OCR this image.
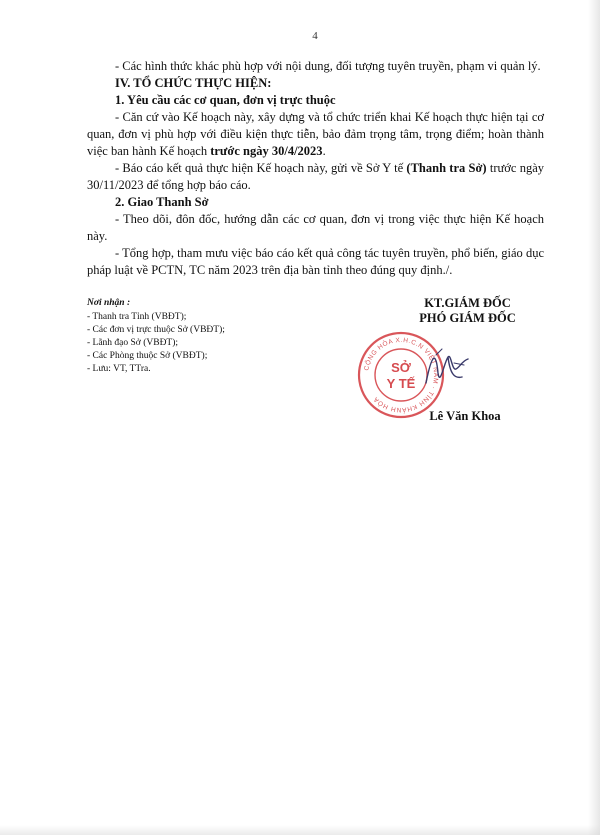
4

- Các hình thức khác phù hợp với nội dung, đối tượng tuyên truyền, phạm vi quản lý.

IV. TỔ CHỨC THỰC HIỆN:

1. Yêu cầu các cơ quan, đơn vị trực thuộc

- Căn cứ vào Kế hoạch này, xây dựng và tổ chức triển khai Kế hoạch thực hiện tại cơ quan, đơn vị phù hợp với điều kiện thực tiễn, bảo đảm trọng tâm, trọng điểm; hoàn thành việc ban hành Kế hoạch trước ngày 30/4/2023.

- Báo cáo kết quả thực hiện Kế hoạch này, gửi về Sở Y tế (Thanh tra Sở) trước ngày 30/11/2023 để tổng hợp báo cáo.

2. Giao Thanh Sở

- Theo dõi, đôn đốc, hướng dẫn các cơ quan, đơn vị trong việc thực hiện Kế hoạch này.

- Tổng hợp, tham mưu việc báo cáo kết quả công tác tuyên truyền, phổ biến, giáo dục pháp luật về PCTN, TC năm 2023 trên địa bàn tỉnh theo đúng quy định./.

Nơi nhận :
- Thanh tra Tỉnh (VBĐT);
- Các đơn vị trực thuộc Sở (VBĐT);
- Lãnh đạo Sở (VBĐT);
- Các Phòng thuộc Sở (VBĐT);
- Lưu: VT, TTra.
KT.GIÁM ĐỐC
PHÓ GIÁM ĐỐC
CỘNG HÒA X.H.C.N VIỆT NAM · TỈNH KHÁNH HÒA
SỞ
Y TẾ
Lê Văn Khoa
